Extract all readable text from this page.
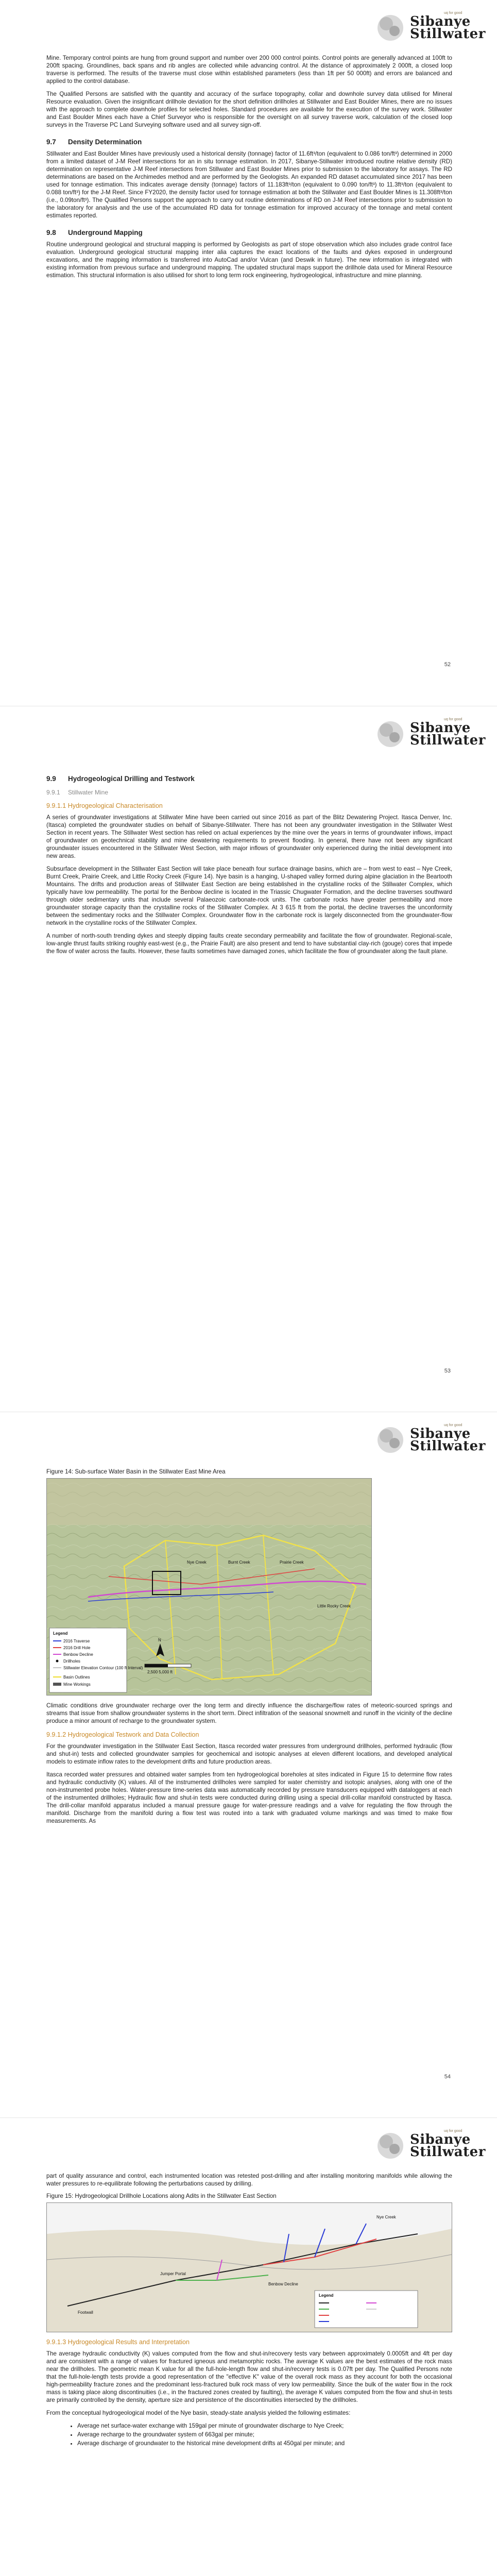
Sibanye
Stillwater
uq for good

Mine. Temporary control points are hung from ground support and number over 200 000 control points. Control points are generally advanced at 100ft to 200ft spacing. Groundlines, back spans and rib angles are collected while advancing control. At the distance of approximately 2 000ft, a closed loop traverse is performed. The results of the traverse must close within established parameters (less than 1ft per 50 000ft) and errors are balanced and applied to the control database.

The Qualified Persons are satisfied with the quantity and accuracy of the surface topography, collar and downhole survey data utilised for Mineral Resource evaluation. Given the insignificant drillhole deviation for the short definition drillholes at Stillwater and East Boulder Mines, there are no issues with the approach to complete downhole profiles for selected holes. Standard procedures are available for the execution of the survey work. Stillwater and East Boulder Mines each have a Chief Surveyor who is responsible for the oversight on all survey traverse work, calculation of the closed loop surveys in the Traverse PC Land Surveying software used and all survey sign-off.

9.7 Density Determination

Stillwater and East Boulder Mines have previously used a historical density (tonnage) factor of 11.6ft³/ton (equivalent to 0.086 ton/ft³) determined in 2000 from a limited dataset of J-M Reef intersections for an in situ tonnage estimation. In 2017, Sibanye-Stillwater introduced routine relative density (RD) determination on representative J-M Reef intersections from Stillwater and East Boulder Mines prior to submission to the laboratory for assays. The RD determinations are based on the Archimedes method and are performed by the Geologists. An expanded RD dataset accumulated since 2017 has been used for tonnage estimation. This indicates average density (tonnage) factors of 11.183ft³/ton (equivalent to 0.090 ton/ft³) to 11.3ft³/ton (equivalent to 0.088 ton/ft³) for the J-M Reef. Since FY2020, the density factor used for tonnage estimation at both the Stillwater and East Boulder Mines is 11.308ft³/ton (i.e., 0.09ton/ft³). The Qualified Persons support the approach to carry out routine determinations of RD on J-M Reef intersections prior to submission to the laboratory for analysis and the use of the accumulated RD data for tonnage estimation for improved accuracy of the tonnage and metal content estimates reported.

9.8 Underground Mapping

Routine underground geological and structural mapping is performed by Geologists as part of stope observation which also includes grade control face evaluation. Underground geological structural mapping inter alia captures the exact locations of the faults and dykes exposed in underground excavations, and the mapping information is transferred into AutoCad and/or Vulcan (and Deswik in future). The new information is integrated with existing information from previous surface and underground mapping. The updated structural maps support the drillhole data used for Mineral Resource estimation. This structural information is also utilised for short to long term rock engineering, hydrogeological, infrastructure and mine planning.

52
Sibanye
Stillwater
uq for good
9.9 Hydrogeological Drilling and Testwork
9.9.1 Stillwater Mine
9.9.1.1 Hydrogeological Characterisation

A series of groundwater investigations at Stillwater Mine have been carried out since 2016 as part of the Blitz Dewatering Project. Itasca Denver, Inc. (Itasca) completed the groundwater studies on behalf of Sibanye-Stillwater. There has not been any groundwater investigation in the Stillwater West Section in recent years. The Stillwater West section has relied on actual experiences by the mine over the years in terms of groundwater inflows, impact of groundwater on geotechnical stability and mine dewatering requirements to prevent flooding. In general, there have not been any significant groundwater issues encountered in the Stillwater West Section, with major inflows of groundwater only experienced during the initial development into new areas.

Subsurface development in the Stillwater East Section will take place beneath four surface drainage basins, which are – from west to east – Nye Creek, Burnt Creek, Prairie Creek, and Little Rocky Creek (Figure 14). Nye basin is a hanging, U-shaped valley formed during alpine glaciation in the Beartooth Mountains. The drifts and production areas of Stillwater East Section are being established in the crystalline rocks of the Stillwater Complex, which typically have low permeability. The portal for the Benbow decline is located in the Triassic Chugwater Formation, and the decline traverses southward through older sedimentary units that include several Palaeozoic carbonate-rock units. The carbonate rocks have greater permeability and more groundwater storage capacity than the crystalline rocks of the Stillwater Complex. At 3 615 ft from the portal, the decline traverses the unconformity between the sedimentary rocks and the Stillwater Complex. Groundwater flow in the carbonate rock is largely disconnected from the groundwater-flow network in the crystalline rocks of the Stillwater Complex.

A number of north-south trending dykes and steeply dipping faults create secondary permeability and facilitate the flow of groundwater. Regional-scale, low-angle thrust faults striking roughly east-west (e.g., the Prairie Fault) are also present and tend to have substantial clay-rich (gouge) cores that impede the flow of water across the faults. However, these faults sometimes have damaged zones, which facilitate the flow of groundwater along the fault plane.

53
Sibanye
Stillwater
uq for good
Figure 14: Sub-surface Water Basin in the Stillwater East Mine Area
Nye Creek	Burnt Creek	Prairie Creek
Little Rocky Creek
Legend
2016 Traverse
2016 Drill Hole
Benbow Decline
Drillholes
Stillwater Elevation Contour (100 ft Interval)
Basin Outlines
Mine Workings
N
2,500 5,000 ft

Climatic conditions drive groundwater recharge over the long term and directly influence the discharge/flow rates of meteoric-sourced springs and streams that issue from shallow groundwater systems in the short term. Direct infiltration of the seasonal snowmelt and runoff in the vicinity of the decline produce a minor amount of recharge to the groundwater system.

9.9.1.2 Hydrogeological Testwork and Data Collection

For the groundwater investigation in the Stillwater East Section, Itasca recorded water pressures from underground drillholes, performed hydraulic (flow and shut-in) tests and collected groundwater samples for geochemical and isotopic analyses at eleven different locations, and developed analytical models to estimate inflow rates to the development drifts and future production areas.

Itasca recorded water pressures and obtained water samples from ten hydrogeological boreholes at sites indicated in Figure 15 to determine flow rates and hydraulic conductivity (K) values. All of the instrumented drillholes were sampled for water chemistry and isotopic analyses, along with one of the non-instrumented probe holes. Water-pressure time-series data was automatically recorded by pressure transducers equipped with dataloggers at each of the instrumented drillholes; Hydraulic flow and shut-in tests were conducted during drilling using a special drill-collar manifold constructed by Itasca. The drill-collar manifold apparatus included a manual pressure gauge for water-pressure readings and a valve for regulating the flow through the manifold. Discharge from the manifold during a flow test was routed into a tank with graduated volume markings and was timed to make flow measurements. As

54
Sibanye
Stillwater
uq for good

part of quality assurance and control, each instrumented location was retested post-drilling and after installing monitoring manifolds while allowing the water pressures to re-equilibrate following the perturbations caused by drilling.

Figure 15: Hydrogeological Drillhole Locations along Adits in the Stillwater East Section
Footwall
Jumper Portal
Benbow Decline
Nye Creek
Legend
9.9.1.3 Hydrogeological Results and Interpretation

The average hydraulic conductivity (K) values computed from the flow and shut-in/recovery tests vary between approximately 0.0005ft and 4ft per day and are consistent with a range of values for fractured igneous and metamorphic rocks. The average K values are the best estimates of the rock mass near the drillholes. The geometric mean K value for all the full-hole-length flow and shut-in/recovery tests is 0.07ft per day. The Qualified Persons note that the full-hole-length tests provide a good representation of the "effective K" value of the overall rock mass as they account for both the occasional high-permeability fracture zones and the predominant less-fractured bulk rock mass of very low permeability. Since the bulk of the water flow in the rock mass is taking place along discontinuities (i.e., in the fractured zones created by faulting), the average K values computed from the flow and shut-in tests are primarily controlled by the density, aperture size and persistence of the discontinuities intersected by the drillholes.

From the conceptual hydrogeological model of the Nye basin, steady-state analysis yielded the following estimates:

• Average net surface-water exchange with 159gal per minute of groundwater discharge to Nye Creek;
• Average recharge to the groundwater system of 663gal per minute;
• Average discharge of groundwater to the historical mine development drifts at 450gal per minute; and
